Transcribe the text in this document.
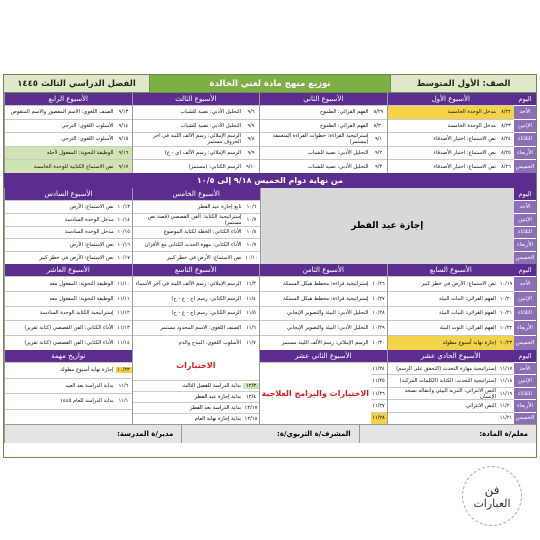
الصف: الأول المتوسط
توزيع منهج مادة لغتي الخالدة
الفصل الدراسي الثالث ١٤٤٥
اليوم
الأحد
الإثنين
الثلاثاء
الأربعاء
الخميس
الأسبوع الأول
٨/٢٢
مدخل الوحدة الخامسة
٨/٢٣
مدخل الوحدة الخامسة
٨/٢٤
نص الاستماع: اختيار الأصدقاء
٨/٢٥
نص الاستماع: اختيار الأصدقاء
٨/٢٦
نص الاستماع: اختيار الأصدقاء
الأسبوع الثاني
٨/٢٩
الفهم القرائي: الطموح
٨/٣٠
الفهم القرائي: الطموح
٩/١
إستراتيجية القراءة: خطوات القراءة المتعمقة (مستمر)
٩/٢
التحليل الأدبي: نصية للشباب
٩/٣
التحليل الأدبي: نصية للشباب
الأسبوع الثالث
٩/٦
التحليل الأدبي: نصية للشباب
٩/٧
التحليل الأدبي: نصية للشباب
٩/٨
الرسم الإملائي: رسم الألف اللينة في آخر الحروف مستمر
٩/٩
الرسم الإملائي: رسم الألف (ي - ع)
٩/١٠
الرسم الكتابي: (مستمر)
الأسبوع الرابع
٩/١٣
الصنف اللغوي: الاسم المقصور والاسم المنقوص
٩/١٤
الأسلوب اللغوي: الترجي
٩/١٥
الأسلوب اللغوي: الترجي
٩/١٦
الوظيفة النحوية: المفعول لأجله
٩/١٧
نص الاستماع الكتابية للوحدة الخامسة
من نهاية دوام الخميس ٩/١٨ إلى ١٠/٥
اليوم
الأحد
الإثنين
الثلاثاء
الأربعاء
الخميس
إجازة عيد الفطر
الأسبوع الخامس
١٠/٦
تابع إجازة عيد الفطر
١٠/٧
إستراتيجية الكتابة: الفن القصصي (قصة نص مستمر)
١٠/٨
الأداء الكتابي: الخطة لكتابة الموضوع
١٠/٩
الأداء الكتابي: مهوة الحدث الكتابي مع الأقران
١٠/١٠
نص الاستماع: الأرض في خطر كبير
الأسبوع السادس
١٠/١٣
نص الاستماع: الأرض
١٠/١٤
مدخل الوحدة السادسة
١٠/١٥
مدخل الوحدة السادسة
١٠/١٦
نص الاستماع: الأرض
١٠/١٧
نص الاستماع: الأرض في خطر كبير
اليوم
الأحد
الإثنين
الثلاثاء
الأربعاء
الخميس
الأسبوع السابع
١٠/١٩
نص الاستماع: الأرض في خطر كبير
١٠/٢٠
الفهم القرائي: النبات البيئة
١٠/٢١
الفهم القرائي: النبات البيئة
١٠/٢٢
الفهم القرائي: التوت البيئة
١٠/٢٣
إجازة نهاية أسبوع مطولة
الأسبوع الثامن
١٠/٢٦
إستراتيجية قراءة: مخطط هيكل السمكة
١٠/٢٧
إستراتيجية قراءة: مخطط هيكل السمكة
١٠/٢٨
التحليل الأدبي: البيئة والتصوير الإيجابي
١٠/٢٩
التحليل الأدبي: البيئة والتصوير الإيجابي
١٠/٣٠
الرسم الإملائي: رسم الألف اللينة مستمر
الأسبوع التاسع
١١/٣
الرسم الإملائي: رسم الألف اللينة في آخر الأسماء
١١/٤
الرسم الكتابي: رسم (ج - ع - ح)
١١/٥
الرسم الكتابي: رسم (ج - ع - ح)
١١/٦
الصنف اللغوي: الاسم المحدود مستمر
١١/٧
الأسلوب اللغوي: المدح والذم
الأسبوع العاشر
١١/١٠
الوظيفة النحوية: المفعول معه
١١/١١
الوظيفة النحوية: المفعول معه
١١/١٢
إستراتيجية الكتابة الوحدة السادسة
١١/١٣
الأداء الكتابي: الفن القصصي (كتابة تقرير)
١١/١٤
الأداء الكتابي: الفن القصصي (كتابة تقرير)
اليوم
الأحد
الإثنين
الثلاثاء
الأربعاء
الخميس
الأسبوع الحادي عشر
١١/١٧
إستراتيجية مهارة التحدث (التحقق على الرسم)
١١/١٨
إستراتيجية التحدث: الكتابة (الكلمات المركبة)
١١/١٩
النص الانثرائي: التنزيه البيئي وانتقاله بصحة الإنسان
١١/٢٠
النص الانثرائي
١١/٢١
الأسبوع الثاني عشر
١١/٢٤
١١/٢٥
١١/٢٦
١١/٢٧
١١/٢٨
الاختبارات والبرامج العلاجية
الاختبارات
١٢/٣
بداية الدراسة للفصل الثالث
١٢/٤
بداية إجازة عيد الفطر
١٢/١٧
بداية الدراسة بعد الفطر
١٢/١٨
بداية إجازة نهاية العام
تواريخ مهمة
١٠/٢٣
إجازة نهاية أسبوع مطولة
١١/٦
بداية الدراسة بعد العيد
١١/١
بداية الدراسة للعام ١٤٤٥
معلم/ة المادة:
المشرف/ة التربوي/ة:
مدير/ة المدرسة:
فن
العبارات
